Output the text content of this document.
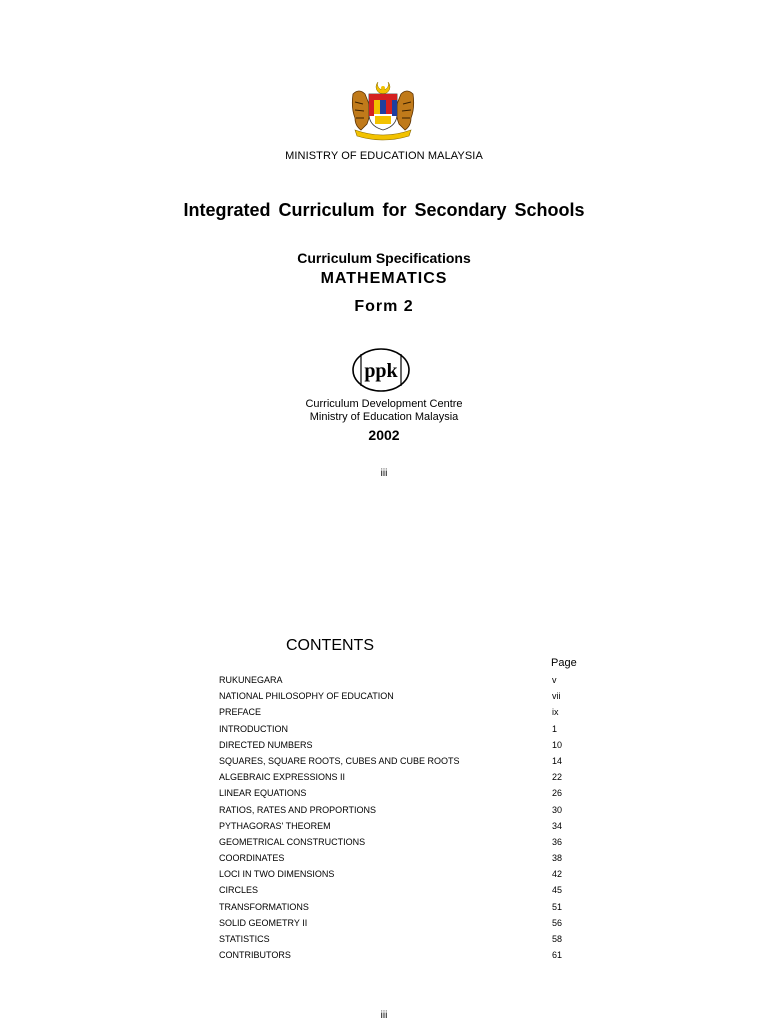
MINISTRY OF EDUCATION MALAYSIA
Integrated Curriculum for Secondary Schools
Curriculum Specifications
MATHEMATICS
Form 2
ppk
Curriculum Development Centre
Ministry of Education Malaysia
2002
iii
CONTENTS
Page
RUKUNEGARA	v
NATIONAL PHILOSOPHY OF EDUCATION	vii
PREFACE	ix
INTRODUCTION	1
DIRECTED NUMBERS	10
SQUARES, SQUARE ROOTS, CUBES AND CUBE ROOTS	14
ALGEBRAIC EXPRESSIONS II	22
LINEAR EQUATIONS	26
RATIOS, RATES AND PROPORTIONS	30
PYTHAGORAS' THEOREM	34
GEOMETRICAL CONSTRUCTIONS	36
COORDINATES	38
LOCI IN TWO DIMENSIONS	42
CIRCLES	45
TRANSFORMATIONS	51
SOLID GEOMETRY II	56
STATISTICS	58
CONTRIBUTORS	61
iii
